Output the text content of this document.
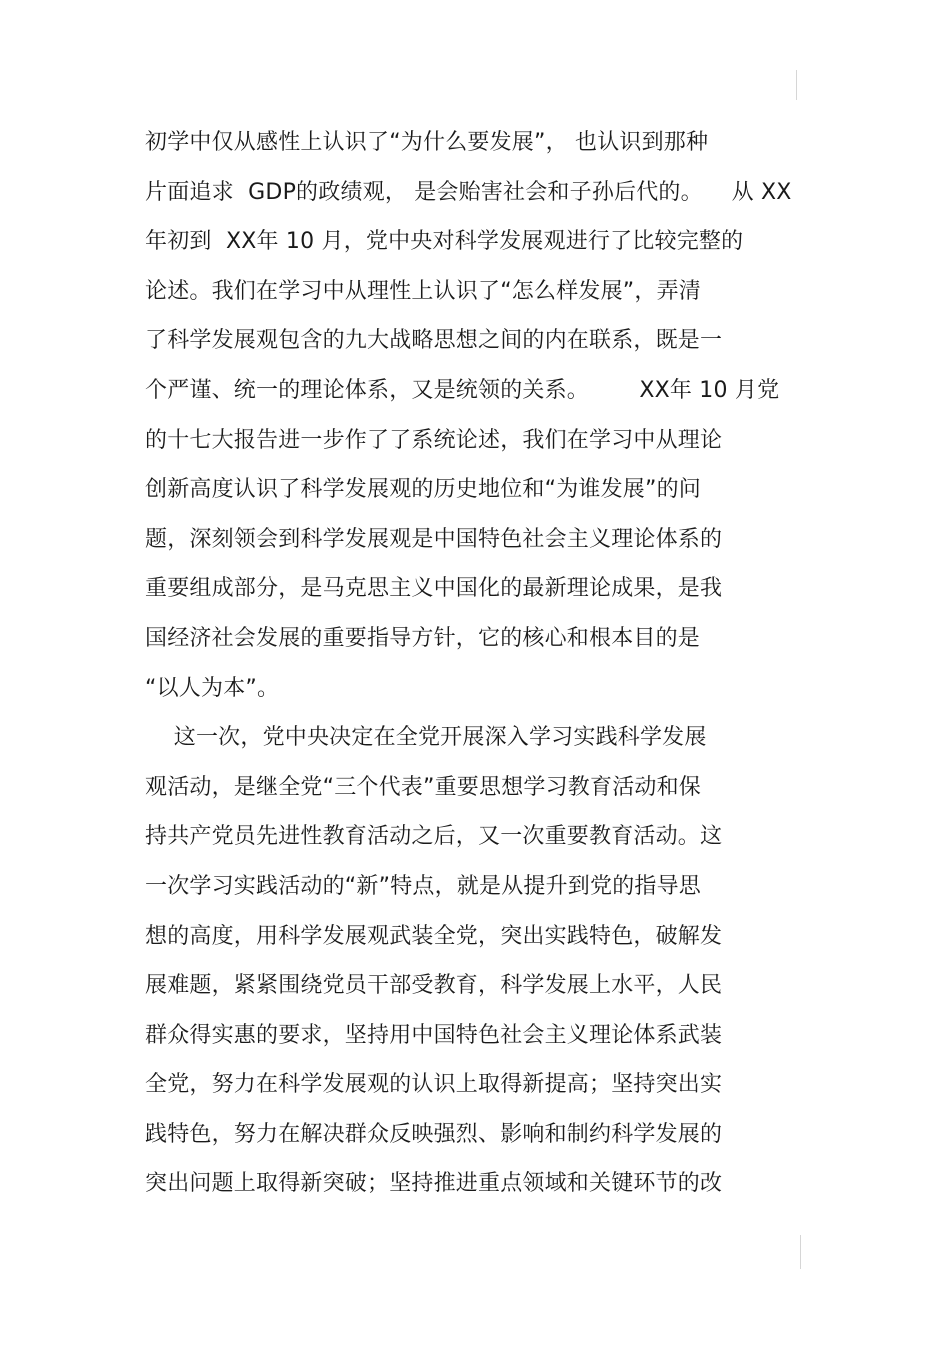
初学中仅从感性上认识了“为什么要发展”， 也认识到那种
片面追求  GDP的政绩观， 是会贻害社会和子孙后代的。    从 XX
年初到  XX年 10 月，党中央对科学发展观进行了比较完整的
论述。我们在学习中从理性上认识了“怎么样发展”，弄清
了科学发展观包含的九大战略思想之间的内在联系，既是一
个严谨、统一的理论体系，又是统领的关系。       XX年 10 月党
的十七大报告进一步作了了系统论述，我们在学习中从理论
创新高度认识了科学发展观的历史地位和“为谁发展”的问
题，深刻领会到科学发展观是中国特色社会主义理论体系的
重要组成部分，是马克思主义中国化的最新理论成果，是我
国经济社会发展的重要指导方针，它的核心和根本目的是
“以人为本”。
这一次，党中央决定在全党开展深入学习实践科学发展
观活动，是继全党“三个代表”重要思想学习教育活动和保
持共产党员先进性教育活动之后，又一次重要教育活动。这
一次学习实践活动的“新”特点，就是从提升到党的指导思
想的高度，用科学发展观武装全党，突出实践特色，破解发
展难题，紧紧围绕党员干部受教育，科学发展上水平，人民
群众得实惠的要求，坚持用中国特色社会主义理论体系武装
全党，努力在科学发展观的认识上取得新提高；坚持突出实
践特色，努力在解决群众反映强烈、影响和制约科学发展的
突出问题上取得新突破；坚持推进重点领域和关键环节的改
